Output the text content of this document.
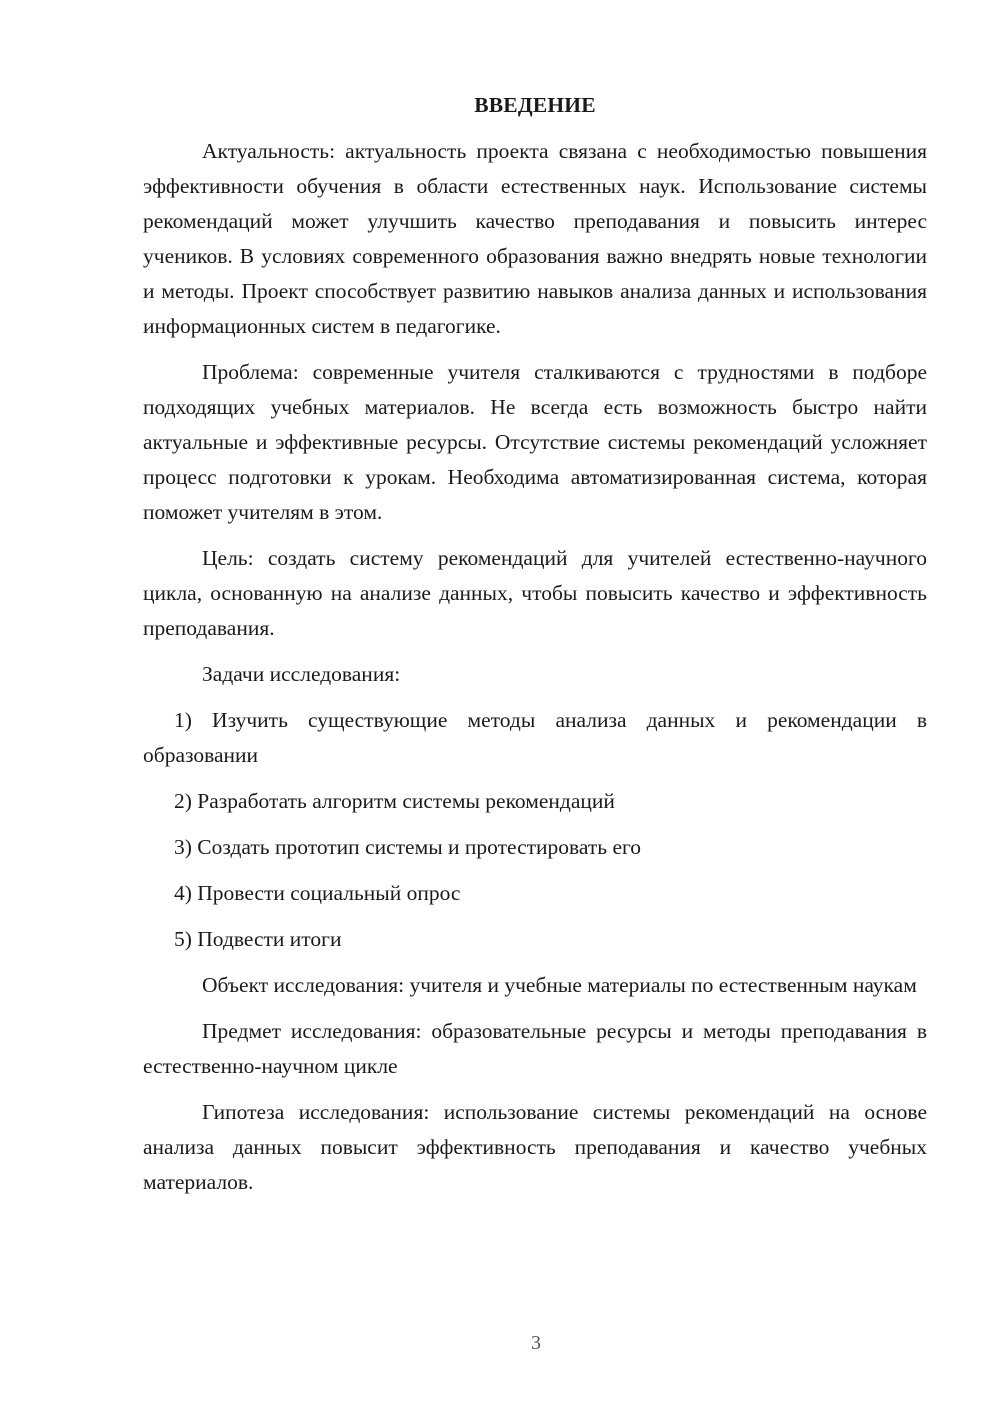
ВВЕДЕНИЕ

Актуальность: актуальность проекта связана с необходимостью повышения эффективности обучения в области естественных наук. Использование системы рекомендаций может улучшить качество преподавания и повысить интерес учеников. В условиях современного образования важно внедрять новые технологии и методы. Проект способствует развитию навыков анализа данных и использования информационных систем в педагогике.

Проблема: современные учителя сталкиваются с трудностями в подборе подходящих учебных материалов. Не всегда есть возможность быстро найти актуальные и эффективные ресурсы. Отсутствие системы рекомендаций усложняет процесс подготовки к урокам. Необходима автоматизированная система, которая поможет учителям в этом.

Цель: создать систему рекомендаций для учителей естественно-научного цикла, основанную на анализе данных, чтобы повысить качество и эффективность преподавания.

Задачи исследования:

1) Изучить существующие методы анализа данных и рекомендации в образовании
2) Разработать алгоритм системы рекомендаций
3) Создать прототип системы и протестировать его
4) Провести социальный опрос
5) Подвести итоги

Объект исследования: учителя и учебные материалы по естественным наукам

Предмет исследования: образовательные ресурсы и методы преподавания в естественно-научном цикле

Гипотеза исследования: использование системы рекомендаций на основе анализа данных повысит эффективность преподавания и качество учебных материалов.

3
